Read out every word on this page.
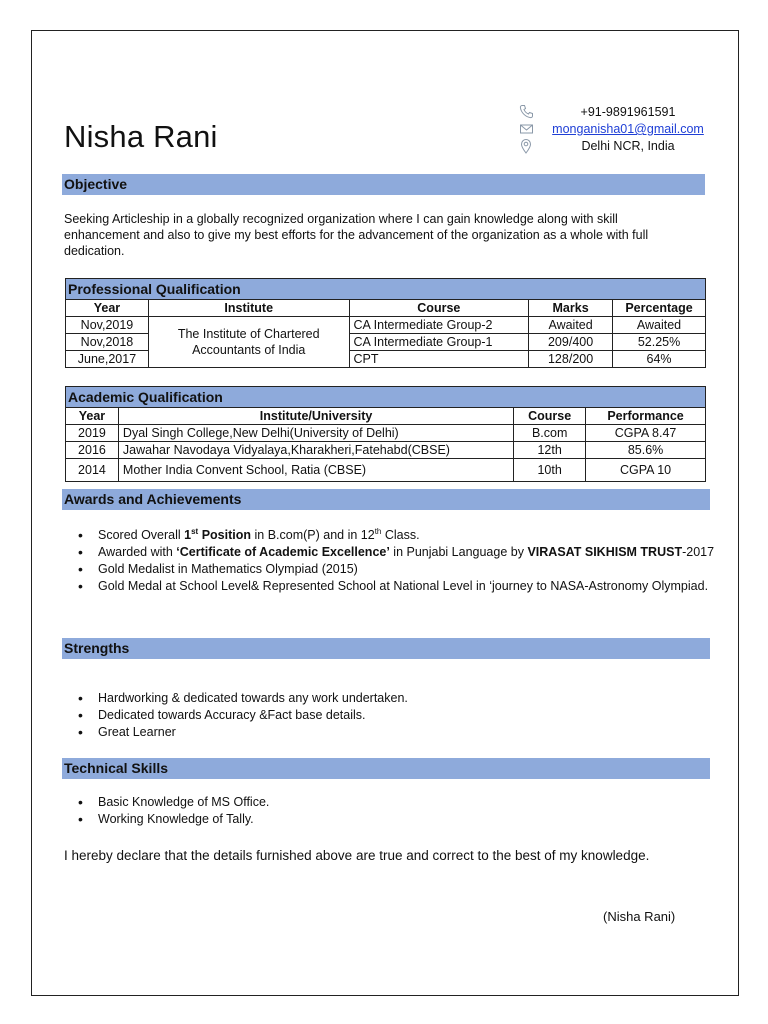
Nisha Rani
+91-9891961591
monganisha01@gmail.com
Delhi NCR, India
Objective
Seeking Articleship in a globally recognized organization where I can gain knowledge along with skill enhancement and also to give my best efforts for the advancement of the organization as a whole with full dedication.
Professional Qualification				
Year	Institute	Course	Marks	Percentage
Nov,2019	The Institute of Chartered Accountants of India	CA Intermediate Group-2	Awaited	Awaited
Nov,2018		CA Intermediate Group-1	209/400	52.25%
June,2017		CPT	128/200	64%
Academic Qualification			
Year	Institute/University	Course	Performance
2019	Dyal Singh College,New Delhi(University of Delhi)	B.com	CGPA 8.47
2016	Jawahar Navodaya Vidyalaya,Kharakheri,Fatehabd(CBSE)	12th	85.6%
2014	Mother India Convent School, Ratia (CBSE)	10th	CGPA 10
Awards and Achievements
• Scored Overall 1st Position in B.com(P) and in 12th Class.
• Awarded with ‘Certificate of Academic Excellence’ in Punjabi Language by VIRASAT SIKHISM TRUST-2017
• Gold Medalist in Mathematics Olympiad (2015)
• Gold Medal at School Level& Represented School at National Level in ‘journey to NASA-Astronomy Olympiad.
Strengths
• Hardworking & dedicated towards any work undertaken.
• Dedicated towards Accuracy &Fact base details.
• Great Learner
Technical Skills
• Basic Knowledge of MS Office.
• Working Knowledge of Tally.
I hereby declare that the details furnished above are true and correct to the best of my knowledge.
(Nisha Rani)
